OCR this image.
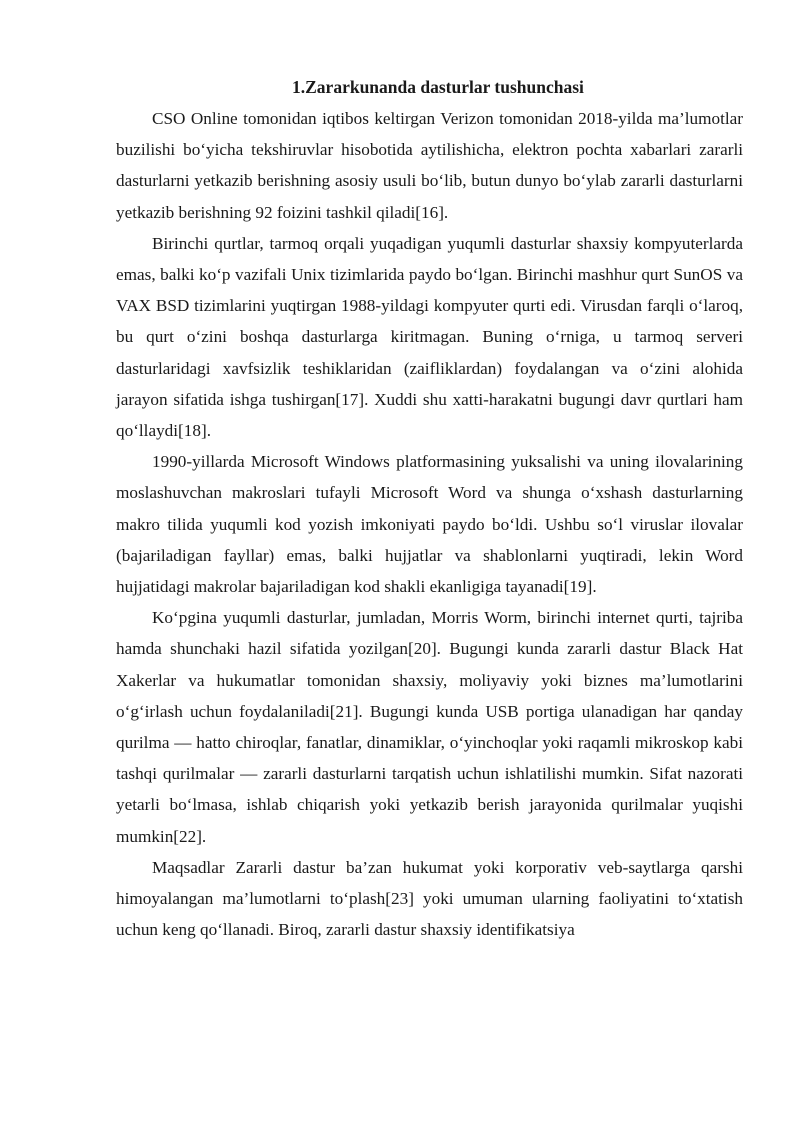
1.Zararkunanda dasturlar tushunchasi

CSO Online tomonidan iqtibos keltirgan Verizon tomonidan 2018-yilda ma’lumotlar buzilishi bo‘yicha tekshiruvlar hisobotida aytilishicha, elektron pochta xabarlari zararli dasturlarni yetkazib berishning asosiy usuli bo‘lib, butun dunyo bo‘ylab zararli dasturlarni yetkazib berishning 92 foizini tashkil qiladi[16].

Birinchi qurtlar, tarmoq orqali yuqadigan yuqumli dasturlar shaxsiy kompyuterlarda emas, balki ko‘p vazifali Unix tizimlarida paydo bo‘lgan. Birinchi mashhur qurt SunOS va VAX BSD tizimlarini yuqtirgan 1988-yildagi kompyuter qurti edi. Virusdan farqli o‘laroq, bu qurt o‘zini boshqa dasturlarga kiritmagan. Buning o‘rniga, u tarmoq serveri dasturlaridagi xavfsizlik teshiklaridan (zaifliklardan) foydalangan va o‘zini alohida jarayon sifatida ishga tushirgan[17]. Xuddi shu xatti-harakatni bugungi davr qurtlari ham qo‘llaydi[18].

1990-yillarda Microsoft Windows platformasining yuksalishi va uning ilovalarining moslashuvchan makroslari tufayli Microsoft Word va shunga o‘xshash dasturlarning makro tilida yuqumli kod yozish imkoniyati paydo bo‘ldi. Ushbu so‘l viruslar ilovalar (bajariladigan fayllar) emas, balki hujjatlar va shablonlarni yuqtiradi, lekin Word hujjatidagi makrolar bajariladigan kod shakli ekanligiga tayanadi[19].

Ko‘pgina yuqumli dasturlar, jumladan, Morris Worm, birinchi internet qurti, tajriba hamda shunchaki hazil sifatida yozilgan[20]. Bugungi kunda zararli dastur Black Hat Xakerlar va hukumatlar tomonidan shaxsiy, moliyaviy yoki biznes ma’lumotlarini o‘g‘irlash uchun foydalaniladi[21]. Bugungi kunda USB portiga ulanadigan har qanday qurilma — hatto chiroqlar, fanatlar, dinamiklar, o‘yinchoqlar yoki raqamli mikroskop kabi tashqi qurilmalar — zararli dasturlarni tarqatish uchun ishlatilishi mumkin. Sifat nazorati yetarli bo‘lmasa, ishlab chiqarish yoki yetkazib berish jarayonida qurilmalar yuqishi mumkin[22].

Maqsadlar Zararli dastur ba’zan hukumat yoki korporativ veb-saytlarga qarshi himoyalangan ma’lumotlarni to‘plash[23] yoki umuman ularning faoliyatini to‘xtatish uchun keng qo‘llanadi. Biroq, zararli dastur shaxsiy identifikatsiya
